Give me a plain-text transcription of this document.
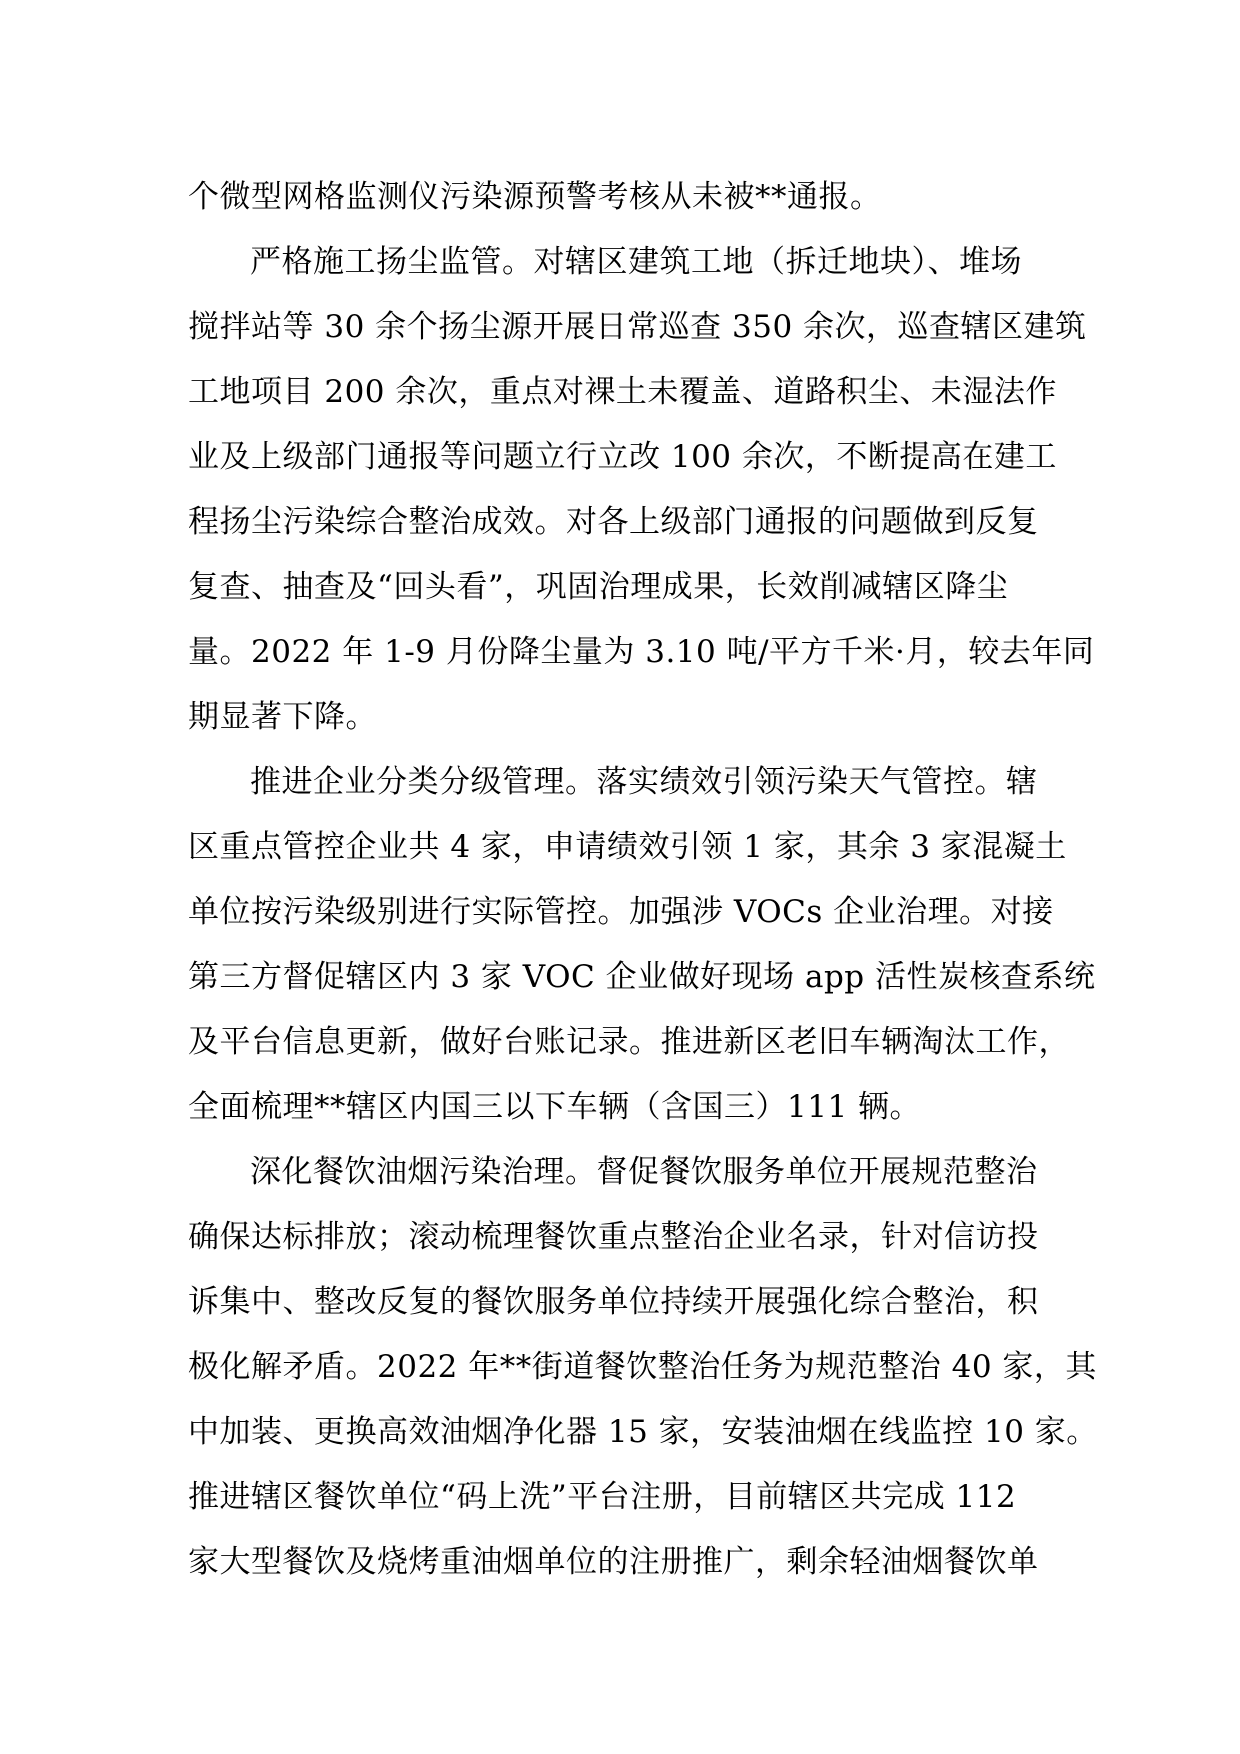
个微型网格监测仪污染源预警考核从未被**通报。
严格施工扬尘监管。对辖区建筑工地（拆迁地块）、堆场
搅拌站等 30 余个扬尘源开展日常巡查 350 余次，巡查辖区建筑
工地项目 200 余次，重点对裸土未覆盖、道路积尘、未湿法作
业及上级部门通报等问题立行立改 100 余次，不断提高在建工
程扬尘污染综合整治成效。对各上级部门通报的问题做到反复
复查、抽查及“回头看”，巩固治理成果，长效削减辖区降尘
量。2022 年 1-9 月份降尘量为 3.10 吨/平方千米·月，较去年同
期显著下降。
推进企业分类分级管理。落实绩效引领污染天气管控。辖
区重点管控企业共 4 家，申请绩效引领 1 家，其余 3 家混凝土
单位按污染级别进行实际管控。加强涉 VOCs 企业治理。对接
第三方督促辖区内 3 家 VOC 企业做好现场 app 活性炭核查系统
及平台信息更新，做好台账记录。推进新区老旧车辆淘汰工作，
全面梳理**辖区内国三以下车辆（含国三）111 辆。
深化餐饮油烟污染治理。督促餐饮服务单位开展规范整治
确保达标排放；滚动梳理餐饮重点整治企业名录，针对信访投
诉集中、整改反复的餐饮服务单位持续开展强化综合整治，积
极化解矛盾。2022 年**街道餐饮整治任务为规范整治 40 家，其
中加装、更换高效油烟净化器 15 家，安装油烟在线监控 10 家。
推进辖区餐饮单位“码上洗”平台注册，目前辖区共完成 112
家大型餐饮及烧烤重油烟单位的注册推广，剩余轻油烟餐饮单
